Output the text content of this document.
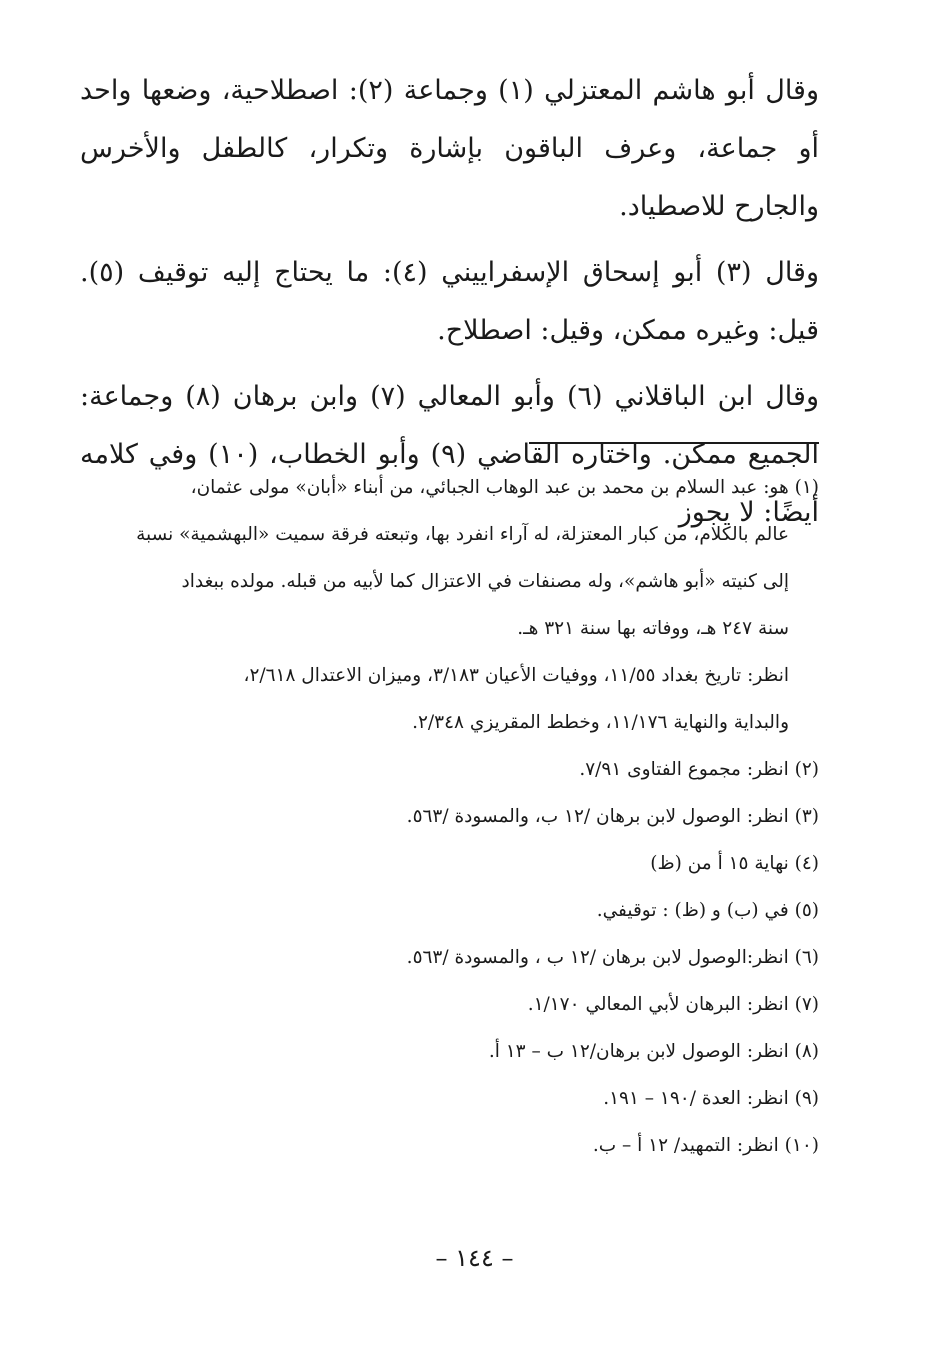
وقال أبو هاشم المعتزلي (١) وجماعة (٢): اصطلاحية، وضعها واحد أو جماعة، وعرف الباقون بإشارة وتكرار، كالطفل والأخرس والجارح للاصطياد.

وقال (٣) أبو إسحاق الإسفراييني (٤): ما يحتاج إليه توقيف (٥). قيل: وغيره ممكن، وقيل: اصطلاح.

وقال ابن الباقلاني (٦) وأبو المعالي (٧) وابن برهان (٨) وجماعة: الجميع ممكن. واختاره القاضي (٩) وأبو الخطاب، (١٠) وفي كلامه أيضًا: لا يجوز

(١) هو: عبد السلام بن محمد بن عبد الوهاب الجبائي، من أبناء «أبان» مولى عثمان،

عالم بالكلام، من كبار المعتزلة، له آراء انفرد بها، وتبعته فرقة سميت «البهشمية» نسبة

إلى كنيته «أبو هاشم»، وله مصنفات في الاعتزال كما لأبيه من قبله. مولده ببغداد

سنة ٢٤٧ هـ، ووفاته بها سنة ٣٢١ هـ.

انظر: تاريخ بغداد ١١/٥٥، ووفيات الأعيان ٣/١٨٣، وميزان الاعتدال ٢/٦١٨،

والبداية والنهاية ١١/١٧٦، وخطط المقريزي ٢/٣٤٨.

(٢) انظر: مجموع الفتاوى ٧/٩١.

(٣) انظر: الوصول لابن برهان /١٢ ب، والمسودة /٥٦٣.

(٤) نهاية ١٥ أ من (ظ)

(٥) في (ب) و (ظ) : توقيفي.

(٦) انظر:الوصول لابن برهان /١٢ ب ، والمسودة /٥٦٣.

(٧) انظر: البرهان لأبي المعالي ١/١٧٠.

(٨) انظر: الوصول لابن برهان/١٢ ب – ١٣ أ.

(٩) انظر: العدة /١٩٠ – ١٩١.

(١٠) انظر: التمهيد/ ١٢ أ – ب.

– ١٤٤ –
